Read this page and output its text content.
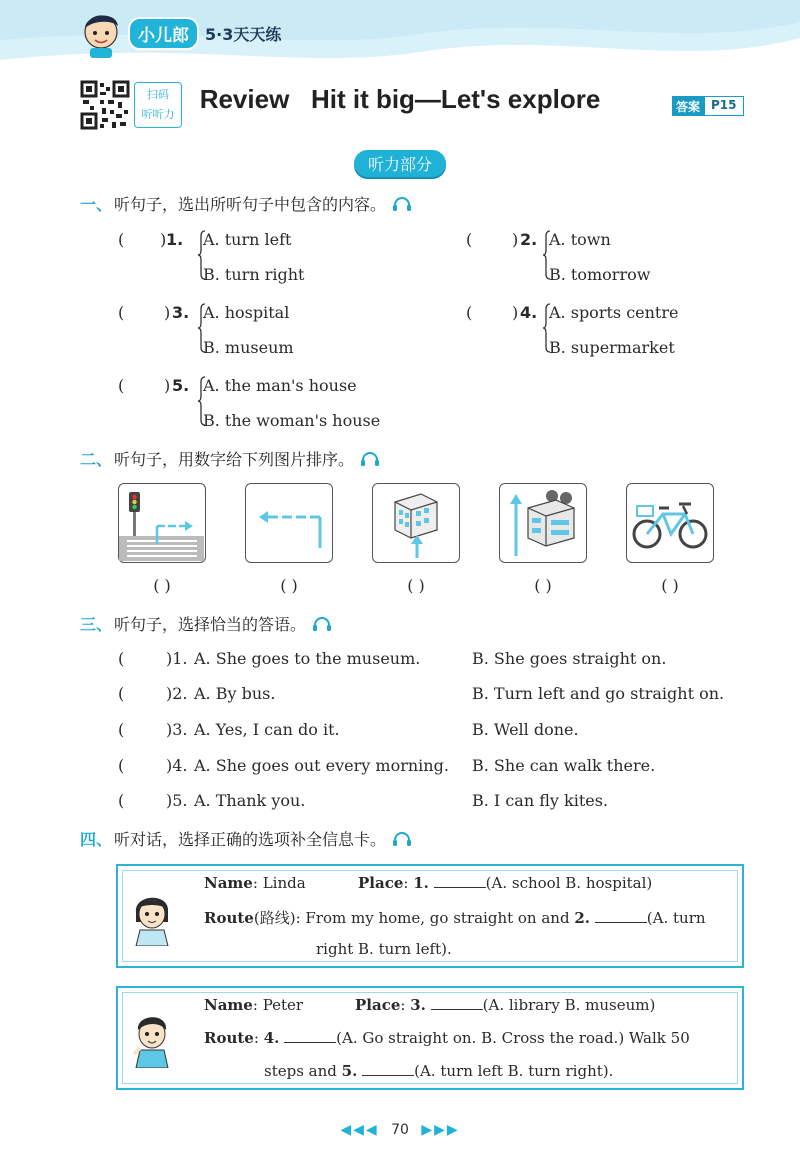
小儿郎	5·3天天练
扫码
听听力
Review   Hit it big—Let's explore	答案 P15
听力部分
一、 听句子，选出所听句子中包含的内容。
(	1. A. turn left
B. turn right
)	( ) 2. A. town
B. tomorrow
( ) 3. A. hospital
B. museum
( ) 4. A. sports centre
B. supermarket
( ) 5. A. the man's house
B. the woman's house
二、 听句子，用数字给下列图片排序。
( )	( )	( )	( )	( )
三、 听句子，选择恰当的答语。
(	)1. A. She goes to the museum.	B. She goes straight on.
(	)2. A. By bus.	B. Turn left and go straight on.
(	)3. A. Yes, I can do it.	B. Well done.
(	)4. A. She goes out every morning. B. She can walk there.
(	)5. A. Thank you.	B. I can fly kites.
四、 听对话，选择正确的选项补全信息卡。
Name: Linda	Place: 1.	(A. school B. hospital)
Route(路线): From my home, go straight on and 2.	(A. turn
right B. turn left).
Name: Peter	Place: 3.	(A. library B. museum)
Route: 4.	(A. Go straight on. B. Cross the road.) Walk 50
steps and 5.	(A. turn left B. turn right).
◀◀◀ 70 ▶▶▶
